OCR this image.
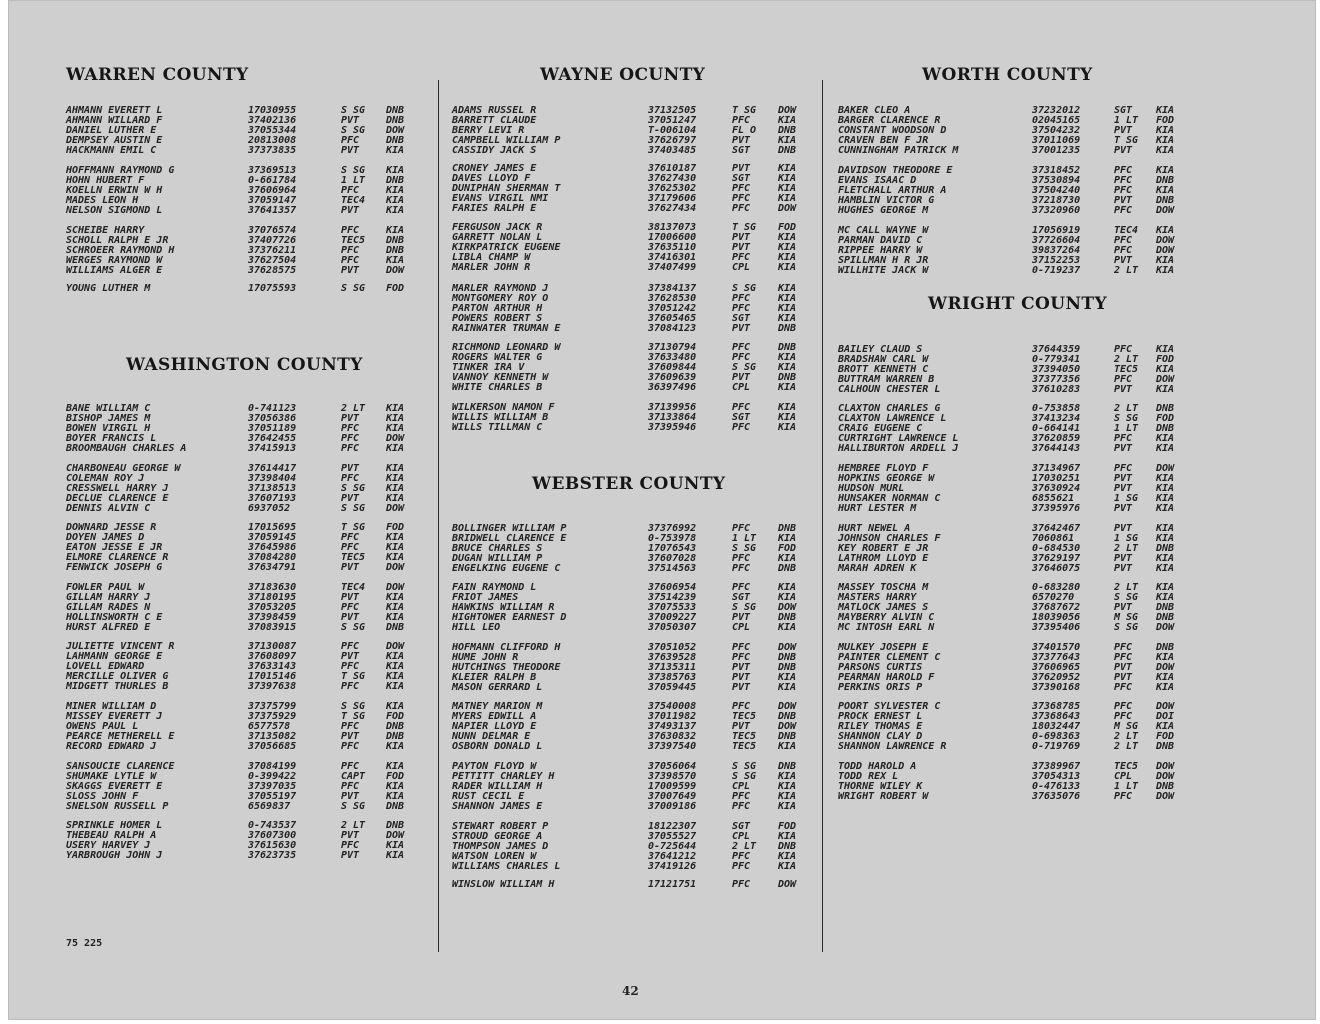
WARREN COUNTY
AHMANN EVERETT L	17030955	S SG DNB
AHMANN WILLARD F	37402136	PVT	DNB
DANIEL LUTHER E	37055344	S SG DOW
DEMPSEY AUSTIN E	20813008	PFC	DNB
HACKMANN EMIL C	37373835	PVT	KIA
HOFFMANN RAYMOND G	37369513	S SG KIA
HOHN HUBERT F	0-661784	1 LT DNB
KOELLN ERWIN W H	37606964	PFC	KIA
MADES LEON H	37059147	TEC4 KIA
NELSON SIGMOND L	37641357	PVT	KIA
SCHEIBE HARRY	37076574	PFC	KIA
SCHOLL RALPH E JR	37407726	TEC5 DNB
SCHROEER RAYMOND H	37376211	PFC	DNB
WERGES RAYMOND W	37627504	PFC	KIA
WILLIAMS ALGER E	37628575	PVT	DOW
YOUNG LUTHER M	17075593	S SG FOD
WASHINGTON COUNTY
BANE WILLIAM C	0-741123	2 LT KIA
BISHOP JAMES M	37056386	PVT	KIA
BOWEN VIRGIL H	37051189	PFC	KIA
BOYER FRANCIS L	37642455	PFC	DOW
BROOMBAUGH CHARLES A	37415913	PFC	KIA
CHARBONEAU GEORGE W	37614417	PVT	KIA
COLEMAN ROY J	37398404	PFC	KIA
CRESSWELL HARRY J	37138513	S SG KIA
DECLUE CLARENCE E	37607193	PVT	KIA
DENNIS ALVIN C	6937052	S SG DOW
DOWNARD JESSE R	17015695	T SG FOD
DOYEN JAMES D	37059145	PFC	KIA
EATON JESSE E JR	37645986	PFC	KIA
ELMORE CLARENCE R	37084280	TEC5 KIA
FENWICK JOSEPH G	37634791	PVT	DOW
FOWLER PAUL W	37183630	TEC4 DOW
GILLAM HARRY J	37180195	PVT	KIA
GILLAM RADES N	37053205	PFC	KIA
HOLLINSWORTH C E	37398459	PVT	KIA
HURST ALFRED E	37083915	S SG DNB
JULIETTE VINCENT R	37130087	PFC	DOW
LAHMANN GEORGE E	37608097	PVT	KIA
LOVELL EDWARD	37633143	PFC	KIA
MERCILLE OLIVER G	17015146	T SG KIA
MIDGETT THURLES B	37397638	PFC	KIA
MINER WILLIAM D	37375799	S SG KIA
MISSEY EVERETT J	37375929	T SG FOD
OWENS PAUL L	6577578	PFC	DNB
PEARCE METHERELL E	37135082	PVT	DNB
RECORD EDWARD J	37056685	PFC	KIA
SANSOUCIE CLARENCE	37084199	PFC	KIA
SHUMAKE LYTLE W	0-399422	CAPT FOD
SKAGGS EVERETT E	37397035	PFC	KIA
SLOSS JOHN F	37055197	PVT	KIA
SNELSON RUSSELL P	6569837	S SG DNB
SPRINKLE HOMER L	0-743537	2 LT DNB
THEBEAU RALPH A	37607300	PVT	DOW
USERY HARVEY J	37615630	PFC	KIA
YARBROUGH JOHN J	37623735	PVT	KIA
WAYNE OCUNTY
ADAMS RUSSEL R	37132505	T SG DOW
BARRETT CLAUDE	37051247	PFC	KIA
BERRY LEVI R	T-006104	FL O DNB
CAMPBELL WILLIAM P	37626797	PVT	KIA
CASSIDY JACK S	37403485	SGT	DNB
CRONEY JAMES E	37610187	PVT	KIA
DAVES LLOYD F	37627430	SGT	KIA
DUNIPHAN SHERMAN T	37625302	PFC	KIA
EVANS VIRGIL NMI	37179606	PFC	KIA
FARIES RALPH E	37627434	PFC	DOW
FERGUSON JACK R	38137073	T SG FOD
GARRETT NOLAN L	17006600	PVT	KIA
KIRKPATRICK EUGENE	37635110	PVT	KIA
LIBLA CHAMP W	37416301	PFC	KIA
MARLER JOHN R	37407499	CPL	KIA
MARLER RAYMOND J	37384137	S SG KIA
MONTGOMERY ROY O	37628530	PFC	KIA
PARTON ARTHUR H	37051242	PFC	KIA
POWERS ROBERT S	37605465	SGT	KIA
RAINWATER TRUMAN E	37084123	PVT	DNB
RICHMOND LEONARD W	37130794	PFC	DNB
ROGERS WALTER G	37633480	PFC	KIA
TINKER IRA V	37609844	S SG KIA
VANNOY KENNETH W	37609639	PVT	DNB
WHITE CHARLES B	36397496	CPL	KIA
WILKERSON NAMON F	37139956	PFC	KIA
WILLIS WILLIAM B	37133864	SGT	KIA
WILLS TILLMAN C	37395946	PFC	KIA
WEBSTER COUNTY
BOLLINGER WILLIAM P	37376992	PFC	DNB
BRIDWELL CLARENCE E	0-753978	1 LT KIA
BRUCE CHARLES S	17076543	S SG FOD
DUGAN WILLIAM P	37607028	PFC	KIA
ENGELKING EUGENE C	37514563	PFC	DNB
FAIN RAYMOND L	37606954	PFC	KIA
FRIOT JAMES	37514239	SGT	KIA
HAWKINS WILLIAM R	37075533	S SG DOW
HIGHTOWER EARNEST D	37009227	PVT	DNB
HILL LEO	37050307	CPL	KIA
HOFMANN CLIFFORD H	37051052	PFC	DOW
HUME JOHN R	37639528	PFC	DNB
HUTCHINGS THEODORE	37135311	PVT	DNB
KLEIER RALPH B	37385763	PVT	KIA
MASON GERRARD L	37059445	PVT	KIA
MATNEY MARION M	37540008	PFC	DOW
MYERS EDWILL A	37011982	TEC5 DNB
NAPIER LLOYD E	37493137	PVT	DOW
NUNN DELMAR E	37630832	TEC5 DNB
OSBORN DONALD L	37397540	TEC5 KIA
PAYTON FLOYD W	37056064	S SG DNB
PETTITT CHARLEY H	37398570	S SG KIA
RADER WILLIAM H	17009599	CPL	KIA
RUST CECIL E	37007649	PFC	KIA
SHANNON JAMES E	37009186	PFC	KIA
STEWART ROBERT P	18122307	SGT	FOD
STROUD GEORGE A	37055527	CPL	KIA
THOMPSON JAMES D	0-725644	2 LT DNB
WATSON LOREN W	37641212	PFC	KIA
WILLIAMS CHARLES L	37419126	PFC	KIA
WINSLOW WILLIAM H	17121751	PFC	DOW
WORTH COUNTY
BAKER CLEO A	37232012	SGT KIA
BARGER CLARENCE R	02045165	1 LT FOD
CONSTANT WOODSON D	37504232	PVT KIA
CRAVEN BEN F JR	37011069	T SG KIA
CUNNINGHAM PATRICK M	37001235	PVT KIA
DAVIDSON THEODORE E	37318452	PFC KIA
EVANS ISAAC D	37530894	PFC DNB
FLETCHALL ARTHUR A	37504240	PFC KIA
HAMBLIN VICTOR G	37218730	PVT DNB
HUGHES GEORGE M	37320960	PFC DOW
MC CALL WAYNE W	17056919	TEC4 KIA
PARMAN DAVID C	37726604	PFC DOW
RIPPEE HARRY W	39837264	PFC DOW
SPILLMAN H R JR	37152253	PVT KIA
WILLHITE JACK W	0-719237	2 LT KIA
WRIGHT COUNTY
BAILEY CLAUD S	37644359	PFC KIA
BRADSHAW CARL W	0-779341	2 LT FOD
BROTT KENNETH C	37394050	TEC5 KIA
BUTTRAM WARREN B	37377356	PFC DOW
CALHOUN CHESTER L	37610283	PVT KIA
CLAXTON CHARLES G	0-753858	2 LT DNB
CLAXTON LAWRENCE L	37413234	S SG FOD
CRAIG EUGENE C	0-664141	1 LT DNB
CURTRIGHT LAWRENCE L	37620859	PFC KIA
HALLIBURTON ARDELL J	37644143	PVT KIA
HEMBREE FLOYD F	37134967	PFC DOW
HOPKINS GEORGE W	17030251	PVT KIA
HUDSON MURL	37630924	PVT KIA
HUNSAKER NORMAN C	6855621	1 SG KIA
HURT LESTER M	37395976	PVT KIA
HURT NEWEL A	37642467	PVT KIA
JOHNSON CHARLES F	7060861	1 SG KIA
KEY ROBERT E JR	0-684530	2 LT DNB
LATHROM LLOYD E	37629197	PVT KIA
MARAH ADREN K	37646075	PVT KIA
MASSEY TOSCHA M	0-683280	2 LT KIA
MASTERS HARRY	6570270	S SG KIA
MATLOCK JAMES S	37687672	PVT DNB
MAYBERRY ALVIN C	18039056	M SG DNB
MC INTOSH EARL N	37395406	S SG DOW
MULKEY JOSEPH E	37401570	PFC DNB
PAINTER CLEMENT C	37377643	PFC KIA
PARSONS CURTIS	37606965	PVT DOW
PEARMAN HAROLD F	37620952	PVT KIA
PERKINS ORIS P	37390168	PFC KIA
POORT SYLVESTER C	37368785	PFC DOW
PROCK ERNEST L	37368643	PFC DOI
RILEY THOMAS E	18032447	M SG KIA
SHANNON CLAY D	0-698363	2 LT FOD
SHANNON LAWRENCE R	0-719769	2 LT DNB
TODD HAROLD A	37389967	TEC5 DOW
TODD REX L	37054313	CPL DOW
THORNE WILEY K	0-476133	1 LT DNB
WRIGHT ROBERT W	37635076	PFC DOW
75 225
42
